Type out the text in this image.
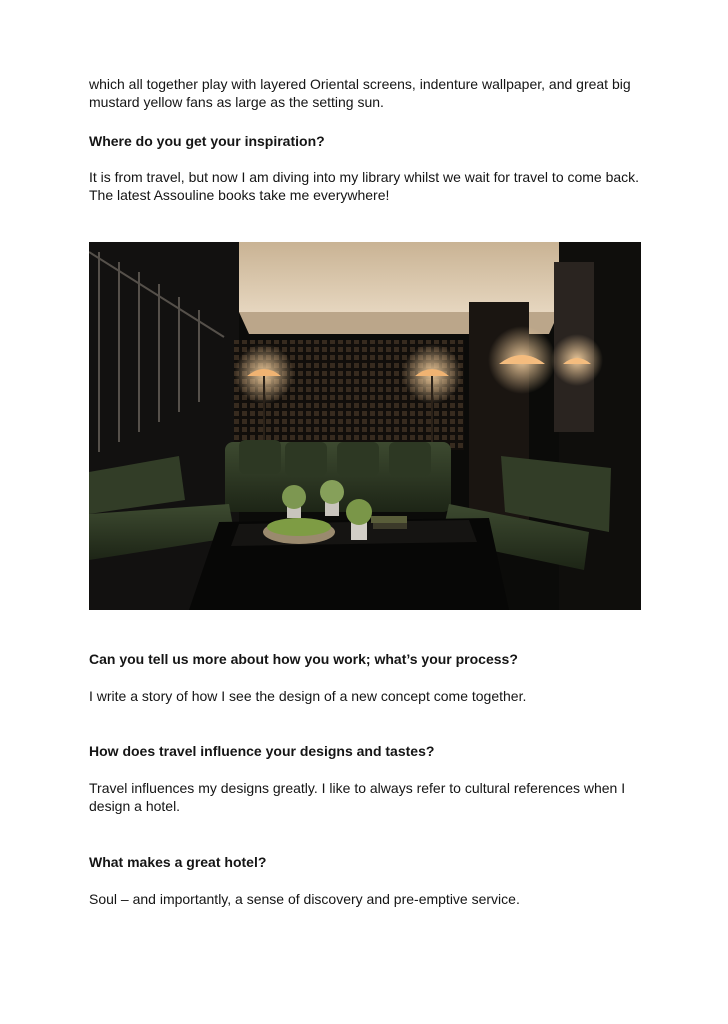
which all together play with layered Oriental screens, indenture wallpaper, and great big mustard yellow fans as large as the setting sun.

Where do you get your inspiration?

It is from travel, but now I am diving into my library whilst we wait for travel to come back. The latest Assouline books take me everywhere!

Can you tell us more about how you work; what’s your process?

I write a story of how I see the design of a new concept come together.

How does travel influence your designs and tastes?

Travel influences my designs greatly. I like to always refer to cultural references when I design a hotel.

What makes a great hotel?

Soul – and importantly, a sense of discovery and pre-emptive service.
